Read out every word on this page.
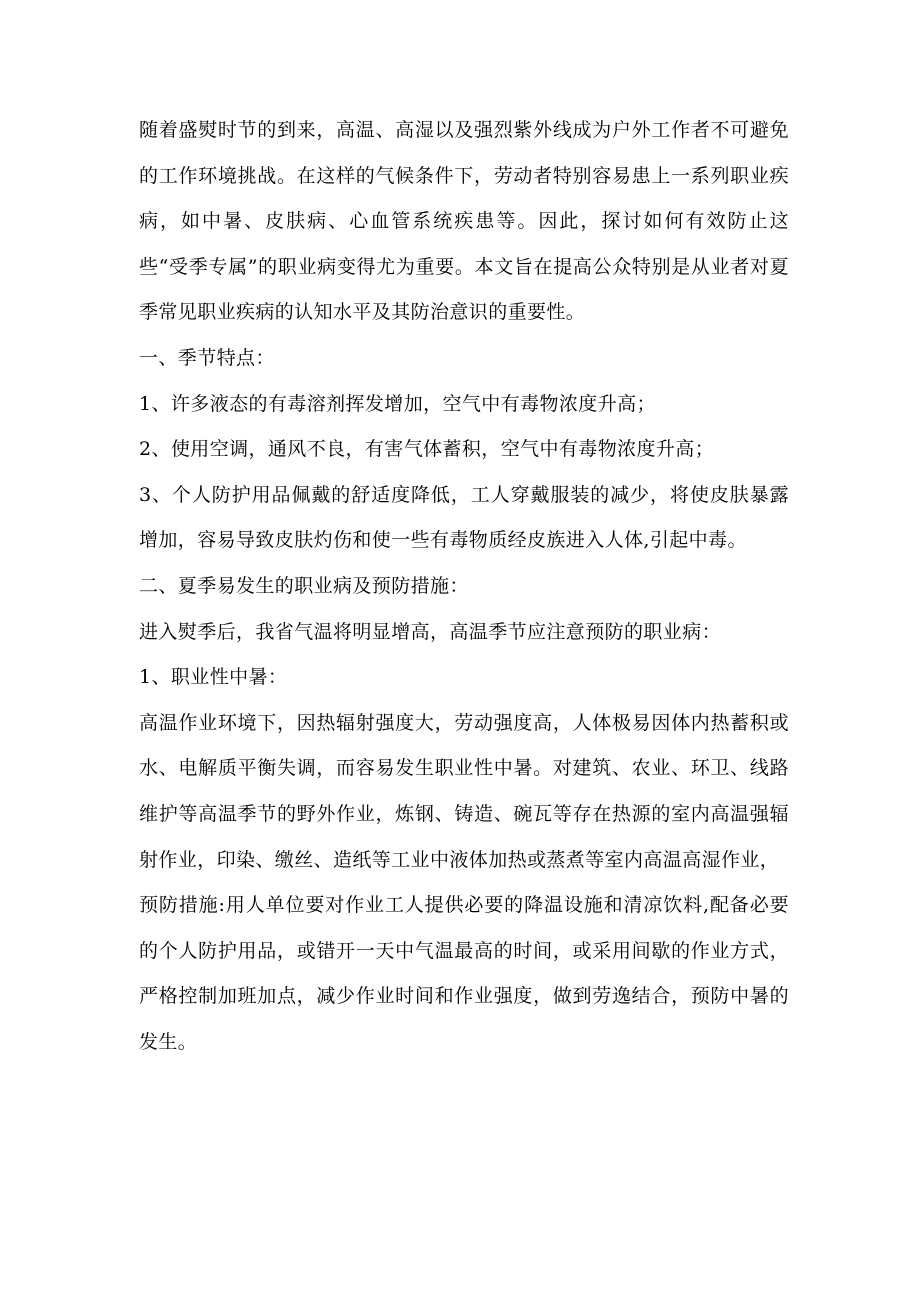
随着盛熨时节的到来，高温、高湿以及强烈紫外线成为户外工作者不可避免的工作环境挑战。在这样的气候条件下，劳动者特别容易患上一系列职业疾病，如中暑、皮肤病、心血管系统疾患等。因此，探讨如何有效防止这些“受季专属”的职业病变得尤为重要。本文旨在提高公众特别是从业者对夏季常见职业疾病的认知水平及其防治意识的重要性。

一、季节特点：

1、许多液态的有毒溶剂挥发增加，空气中有毒物浓度升高；

2、使用空调，通风不良，有害气体蓄积，空气中有毒物浓度升高；

3、个人防护用品佩戴的舒适度降低，工人穿戴服装的减少，将使皮肤暴露增加，容易导致皮肤灼伤和使一些有毒物质经皮族进入人体,引起中毒。

二、夏季易发生的职业病及预防措施：

进入熨季后，我省气温将明显增高，高温季节应注意预防的职业病：

1、职业性中暑：

高温作业环境下，因热辐射强度大，劳动强度高，人体极易因体内热蓄积或水、电解质平衡失调，而容易发生职业性中暑。对建筑、农业、环卫、线路维护等高温季节的野外作业，炼钢、铸造、碗瓦等存在热源的室内高温强辐射作业，印染、缴丝、造纸等工业中液体加热或蒸煮等室内高温高湿作业，

预防措施:用人单位要对作业工人提供必要的降温设施和清凉饮料,配备必要的个人防护用品，或错开一天中气温最高的时间，或采用间歇的作业方式，严格控制加班加点，减少作业时间和作业强度，做到劳逸结合，预防中暑的发生。
